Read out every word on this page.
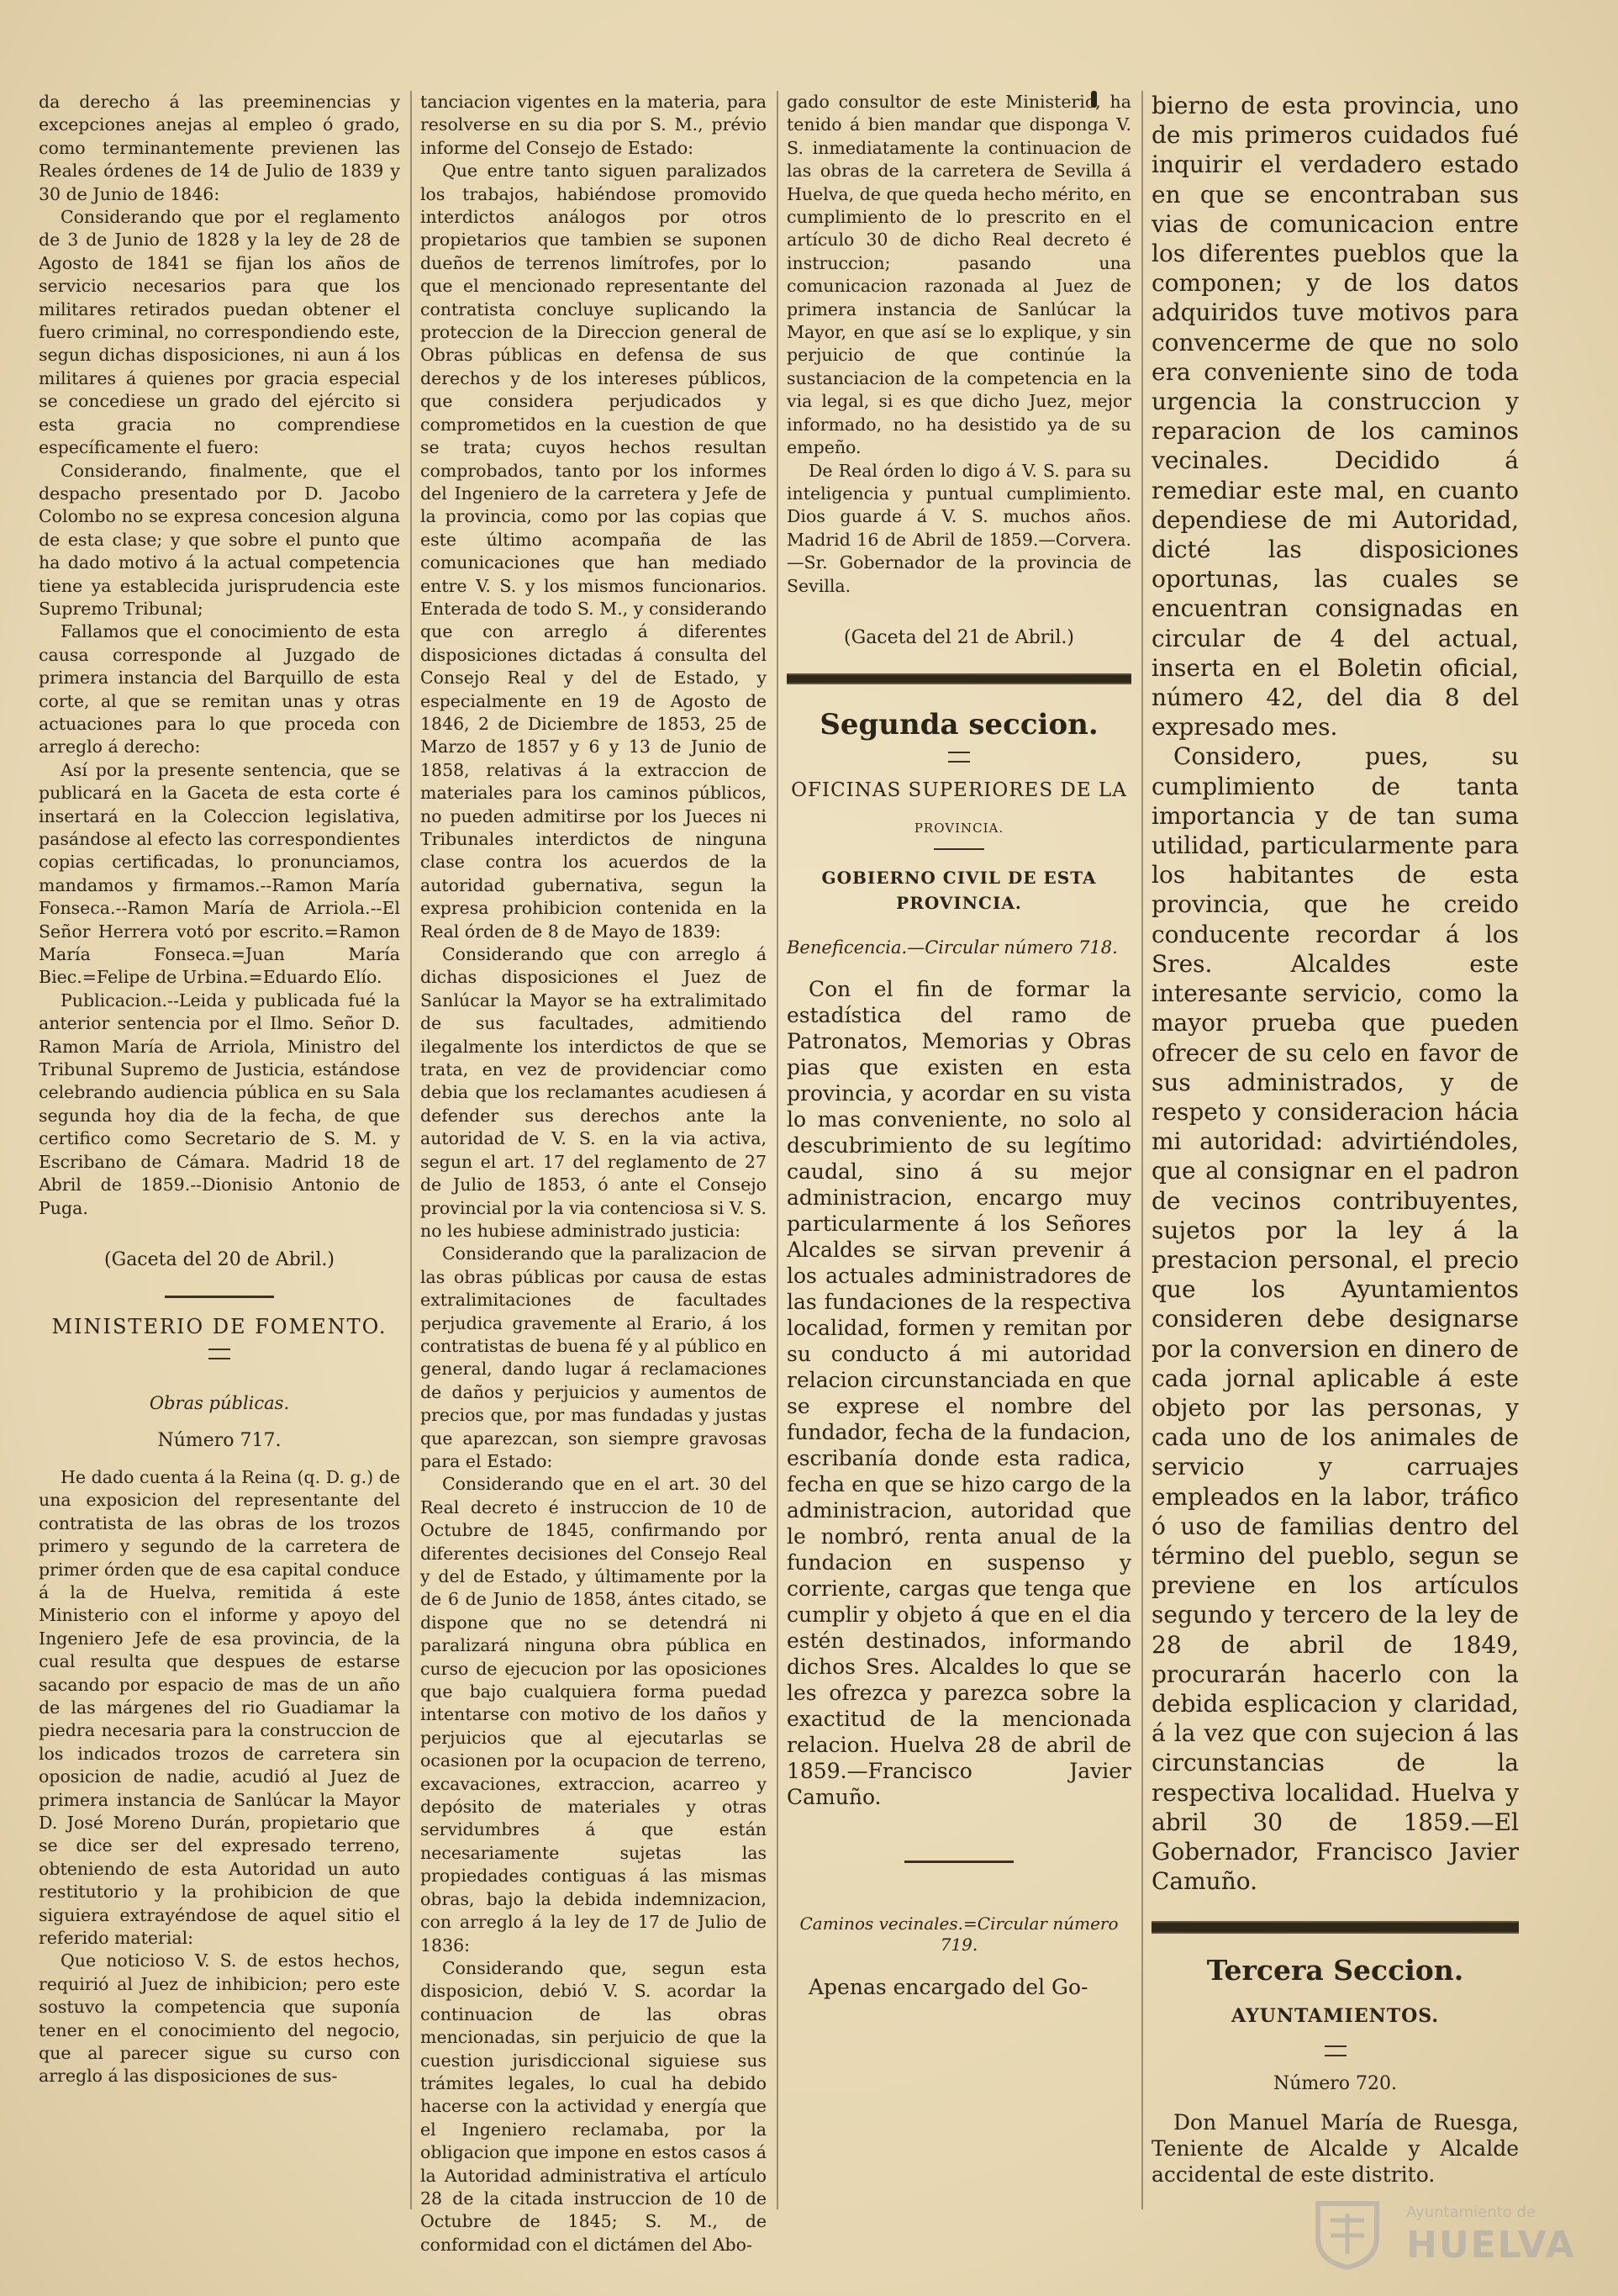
da derecho á las preeminencias y excepciones anejas al empleo ó grado, como terminantemente previenen las Reales órdenes de 14 de Julio de 1839 y 30 de Junio de 1846:

Considerando que por el reglamento de 3 de Junio de 1828 y la ley de 28 de Agosto de 1841 se fijan los años de servicio necesarios para que los militares retirados puedan obtener el fuero criminal, no correspondiendo este, segun dichas disposiciones, ni aun á los militares á quienes por gracia especial se concediese un grado del ejército si esta gracia no comprendiese específicamente el fuero:

Considerando, finalmente, que el despacho presentado por D. Jacobo Colombo no se expresa concesion alguna de esta clase; y que sobre el punto que ha dado motivo á la actual competencia tiene ya establecida jurisprudencia este Supremo Tribunal;

Fallamos que el conocimiento de esta causa corresponde al Juzgado de primera instancia del Barquillo de esta corte, al que se remitan unas y otras actuaciones para lo que proceda con arreglo á derecho:

Así por la presente sentencia, que se publicará en la Gaceta de esta corte é insertará en la Coleccion legislativa, pasándose al efecto las correspondientes copias certificadas, lo pronunciamos, mandamos y firmamos.--Ramon María Fonseca.--Ramon María de Arriola.--El Señor Herrera votó por escrito.=Ramon María Fonseca.=Juan María Biec.=Felipe de Urbina.=Eduardo Elío.

Publicacion.--Leida y publicada fué la anterior sentencia por el Ilmo. Señor D. Ramon María de Arriola, Ministro del Tribunal Supremo de Justicia, estándose celebrando audiencia pública en su Sala segunda hoy dia de la fecha, de que certifico como Secretario de S. M. y Escribano de Cámara. Madrid 18 de Abril de 1859.--Dionisio Antonio de Puga.

(Gaceta del 20 de Abril.)

MINISTERIO DE FOMENTO.

Obras públicas.

Número 717.

He dado cuenta á la Reina (q. D. g.) de una exposicion del representante del contratista de las obras de los trozos primero y segundo de la carretera de primer órden que de esa capital conduce á la de Huelva, remitida á este Ministerio con el informe y apoyo del Ingeniero Jefe de esa provincia, de la cual resulta que despues de estarse sacando por espacio de mas de un año de las márgenes del rio Guadiamar la piedra necesaria para la construccion de los indicados trozos de carretera sin oposicion de nadie, acudió al Juez de primera instancia de Sanlúcar la Mayor D. José Moreno Durán, propietario que se dice ser del expresado terreno, obteniendo de esta Autoridad un auto restitutorio y la prohibicion de que siguiera extrayéndose de aquel sitio el referido material:

Que noticioso V. S. de estos hechos, requirió al Juez de inhibicion; pero este sostuvo la competencia que suponía tener en el conocimiento del negocio, que al parecer sigue su curso con arreglo á las disposiciones de sus-

tanciacion vigentes en la materia, para resolverse en su dia por S. M., prévio informe del Consejo de Estado:

Que entre tanto siguen paralizados los trabajos, habiéndose promovido interdictos análogos por otros propietarios que tambien se suponen dueños de terrenos limítrofes, por lo que el mencionado representante del contratista concluye suplicando la proteccion de la Direccion general de Obras públicas en defensa de sus derechos y de los intereses públicos, que considera perjudicados y comprometidos en la cuestion de que se trata; cuyos hechos resultan comprobados, tanto por los informes del Ingeniero de la carretera y Jefe de la provincia, como por las copias que este último acompaña de las comunicaciones que han mediado entre V. S. y los mismos funcionarios. Enterada de todo S. M., y considerando que con arreglo á diferentes disposiciones dictadas á consulta del Consejo Real y del de Estado, y especialmente en 19 de Agosto de 1846, 2 de Diciembre de 1853, 25 de Marzo de 1857 y 6 y 13 de Junio de 1858, relativas á la extraccion de materiales para los caminos públicos, no pueden admitirse por los Jueces ni Tribunales interdictos de ninguna clase contra los acuerdos de la autoridad gubernativa, segun la expresa prohibicion contenida en la Real órden de 8 de Mayo de 1839:

Considerando que con arreglo á dichas disposiciones el Juez de Sanlúcar la Mayor se ha extralimitado de sus facultades, admitiendo ilegalmente los interdictos de que se trata, en vez de providenciar como debia que los reclamantes acudiesen á defender sus derechos ante la autoridad de V. S. en la via activa, segun el art. 17 del reglamento de 27 de Julio de 1853, ó ante el Consejo provincial por la via contenciosa si V. S. no les hubiese administrado justicia:

Considerando que la paralizacion de las obras públicas por causa de estas extralimitaciones de facultades perjudica gravemente al Erario, á los contratistas de buena fé y al público en general, dando lugar á reclamaciones de daños y perjuicios y aumentos de precios que, por mas fundadas y justas que aparezcan, son siempre gravosas para el Estado:

Considerando que en el art. 30 del Real decreto é instruccion de 10 de Octubre de 1845, confirmando por diferentes decisiones del Consejo Real y del de Estado, y últimamente por la de 6 de Junio de 1858, ántes citado, se dispone que no se detendrá ni paralizará ninguna obra pública en curso de ejecucion por las oposiciones que bajo cualquiera forma puedad intentarse con motivo de los daños y perjuicios que al ejecutarlas se ocasionen por la ocupacion de terreno, excavaciones, extraccion, acarreo y depósito de materiales y otras servidumbres á que están necesariamente sujetas las propiedades contiguas á las mismas obras, bajo la debida indemnizacion, con arreglo á la ley de 17 de Julio de 1836:

Considerando que, segun esta disposicion, debió V. S. acordar la continuacion de las obras mencionadas, sin perjuicio de que la cuestion jurisdiccional siguiese sus trámites legales, lo cual ha debido hacerse con la actividad y energía que el Ingeniero reclamaba, por la obligacion que impone en estos casos á la Autoridad administrativa el artículo 28 de la citada instruccion de 10 de Octubre de 1845; S. M., de conformidad con el dictámen del Abo-

gado consultor de este Ministerio, ha tenido á bien mandar que disponga V. S. inmediatamente la continuacion de las obras de la carretera de Sevilla á Huelva, de que queda hecho mérito, en cumplimiento de lo prescrito en el artículo 30 de dicho Real decreto é instruccion; pasando una comunicacion razonada al Juez de primera instancia de Sanlúcar la Mayor, en que así se lo explique, y sin perjuicio de que continúe la sustanciacion de la competencia en la via legal, si es que dicho Juez, mejor informado, no ha desistido ya de su empeño.

De Real órden lo digo á V. S. para su inteligencia y puntual cumplimiento. Dios guarde á V. S. muchos años. Madrid 16 de Abril de 1859.—Corvera.—Sr. Gobernador de la provincia de Sevilla.

(Gaceta del 21 de Abril.)

Segunda seccion.

OFICINAS SUPERIORES DE LA

PROVINCIA.

GOBIERNO CIVIL DE ESTA PROVINCIA.

Beneficencia.—Circular número 718.

Con el fin de formar la estadística del ramo de Patronatos, Memorias y Obras pias que existen en esta provincia, y acordar en su vista lo mas conveniente, no solo al descubrimiento de su legítimo caudal, sino á su mejor administracion, encargo muy particularmente á los Señores Alcaldes se sirvan prevenir á los actuales administradores de las fundaciones de la respectiva localidad, formen y remitan por su conducto á mi autoridad relacion circunstanciada en que se exprese el nombre del fundador, fecha de la fundacion, escribanía donde esta radica, fecha en que se hizo cargo de la administracion, autoridad que le nombró, renta anual de la fundacion en suspenso y corriente, cargas que tenga que cumplir y objeto á que en el dia estén destinados, informando dichos Sres. Alcaldes lo que se les ofrezca y parezca sobre la exactitud de la mencionada relacion. Huelva 28 de abril de 1859.—Francisco Javier Camuño.

Caminos vecinales.=Circular número 719.

Apenas encargado del Go-

bierno de esta provincia, uno de mis primeros cuidados fué inquirir el verdadero estado en que se encontraban sus vias de comunicacion entre los diferentes pueblos que la componen; y de los datos adquiridos tuve motivos para convencerme de que no solo era conveniente sino de toda urgencia la construccion y reparacion de los caminos vecinales. Decidido á remediar este mal, en cuanto dependiese de mi Autoridad, dicté las disposiciones oportunas, las cuales se encuentran consignadas en circular de 4 del actual, inserta en el Boletin oficial, número 42, del dia 8 del expresado mes.

Considero, pues, su cumplimiento de tanta importancia y de tan suma utilidad, particularmente para los habitantes de esta provincia, que he creido conducente recordar á los Sres. Alcaldes este interesante servicio, como la mayor prueba que pueden ofrecer de su celo en favor de sus administrados, y de respeto y consideracion hácia mi autoridad: advirtiéndoles, que al consignar en el padron de vecinos contribuyentes, sujetos por la ley á la prestacion personal, el precio que los Ayuntamientos consideren debe designarse por la conversion en dinero de cada jornal aplicable á este objeto por las personas, y cada uno de los animales de servicio y carruajes empleados en la labor, tráfico ó uso de familias dentro del término del pueblo, segun se previene en los artículos segundo y tercero de la ley de 28 de abril de 1849, procurarán hacerlo con la debida esplicacion y claridad, á la vez que con sujecion á las circunstancias de la respectiva localidad. Huelva y abril 30 de 1859.—El Gobernador, Francisco Javier Camuño.

Tercera Seccion.

AYUNTAMIENTOS.

Número 720.

Don Manuel María de Ruesga, Teniente de Alcalde y Alcalde accidental de este distrito.

Ayuntamiento de
HUELVA
